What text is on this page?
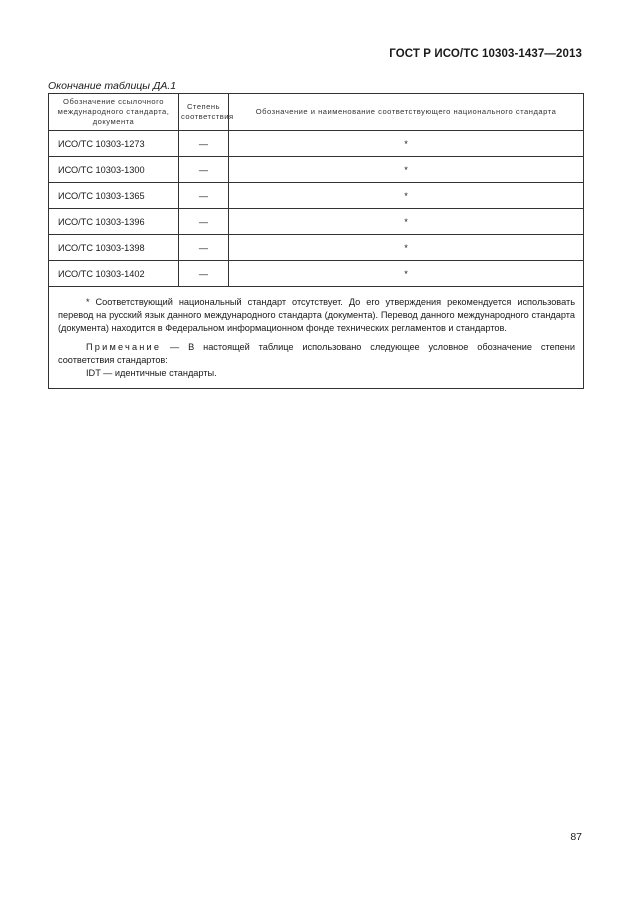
ГОСТ Р ИСО/ТС 10303-1437—2013
Окончание таблицы ДА.1
Обозначение ссылочного международного стандарта, документа	Степень соответствия	Обозначение и наименование соответствующего национального стандарта
ИСО/ТС 10303-1273	—	*
ИСО/ТС 10303-1300	—	*
ИСО/ТС 10303-1365	—	*
ИСО/ТС 10303-1396	—	*
ИСО/ТС 10303-1398	—	*
ИСО/ТС 10303-1402	—	*

* Соответствующий национальный стандарт отсутствует. До его утверждения рекомендуется использовать перевод на русский язык данного международного стандарта (документа). Перевод данного международного стандарта (документа) находится в Федеральном информационном фонде технических регламентов и стандартов.

Примечание — В настоящей таблице использовано следующее условное обозначение степени соответствия стандартов:

IDT — идентичные стандарты.		

87
